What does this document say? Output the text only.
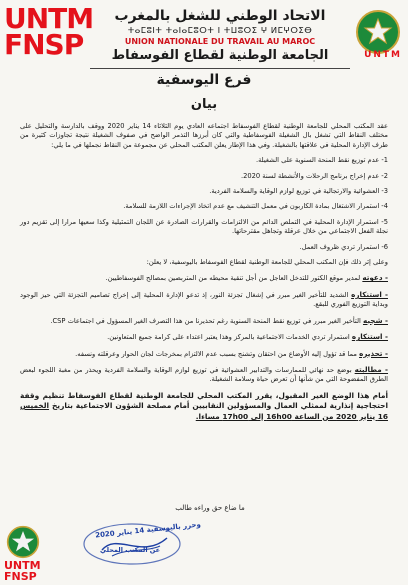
UNTM
FNSP	UNTM
الاتحاد الوطني للشغل بالمغرب
ⵜⴰⵎⵓⵏⵜ ⵜⴰⵏⴰⵎⵓⵔⵜ ⵏ ⵜⵡⵓⵔⵉ ⵖ ⵍⵎⵖⵔⵉⴱ
UNION NATIONALE DU TRAVAIL AU MAROC
الجامعة الوطنية لقطاع الفوسفاط
فرع اليوسفية
بيان

عقد المكتب المحلي للجامعة الوطنية لقطاع الفوسفاط اجتماعه العادي يوم الثلاثاء 14 يناير 2020 ووقف بالدارسة والتحليل على مختلف النقاط التي تشغل بال الشغيلة الفوسفاطية والتي كان أبرزها التذمر الواضح في صفوف الشغيلة نتيجة تجاوزات كثيرة من طرف الإدارة المحلية في علاقتها بالشغيلة. وفي هذا الإطار يعلن المكتب المحلي عن مجموعة من النقاط نجملها في ما يلي:

1- عدم توزيع نقط المنحة السنوية على الشغيلة.

2- عدم إخراج برنامج الرحلات والأنشطة لسنة 2020.

3- العشوائية والارتجالية في توزيع لوازم الوقاية والسلامة الفردية.

4- استمرار الاشتغال بمادة الكاربون في معمل التنشيف مع عدم اتخاذ الإجراءات اللازمة للسلامة.

5- استمرار الإدارة المحلية في التملص الدائم من الالتزامات والقرارات الصادرة عن اللجان التمثيلية وكذا سعيها مرارا إلى تقزيم دور نجلة الفعل الاجتماعي من خلال عرقلة وتجاهل مقترحاتها.

6- استمرار تردي ظروف العمل.

وعلى إثر ذلك فإن المكتب المحلي للجامعة الوطنية لقطاع الفوسفاط باليوسفية، لا يعلن:

- دعوته لمدير موقع الكتور للتدخل العاجل من أجل تنقية محيطه من المتربصين بمصالح الفوسفاطيين.

- استنكاره الشديد للتأخير الغير مبرر في إشغال تجزئة النور، إذ تدعو الإدارة المحلية إلى إخراج تصاميم التجزئة التي حيز الوجود وبداية التوزيع الفوري للبقع.

- شجبه التأخير الغير مبرر في توزيع نقط المنحة السنوية رغم تحذيرنا من هذا التصرف الغير المسؤول في اجتماعات CSP.

- استنكاره استمرار تردي الخدمات الاجتماعية بالمركز وهذا يعتبر اعتداء على كرامة جميع المتعاونين.

- تحذيره مما قد تؤول إليه الأوضاع من احتقان وتشنج بسبب عدم الالتزام بمخرجات لجان الحوار وعرقلته ونسفه.

- مطالبته بوضع حد نهائي للممارسات والتدابير العشوائية في توزيع لوازم الوقاية والسلامة الفردية ويحذر من مغبة اللجوء لبعض الطرق المفضوحة التي من شأنها أن تعرض حياة وسلامة الشغيلة.

أمام هذا الوضع الغير المقبول، يقرر المكتب المحلي للجامعة الوطنية لقطاع الفوسفاط تنظيم وقفة احتجاجية إنذارية لممثلي العمال والمسؤولين النقابيين أمام مصلحة الشؤون الاجتماعية بتاريخ الخميس 16 يناير 2020 من الساعة 16h00 إلى 17h00 مساءا.

ما ضاع حق وراءه طالب
وحرر باليوسفية 14 يناير 2020
عن المكتب المحلي
UNTM
FNSP
